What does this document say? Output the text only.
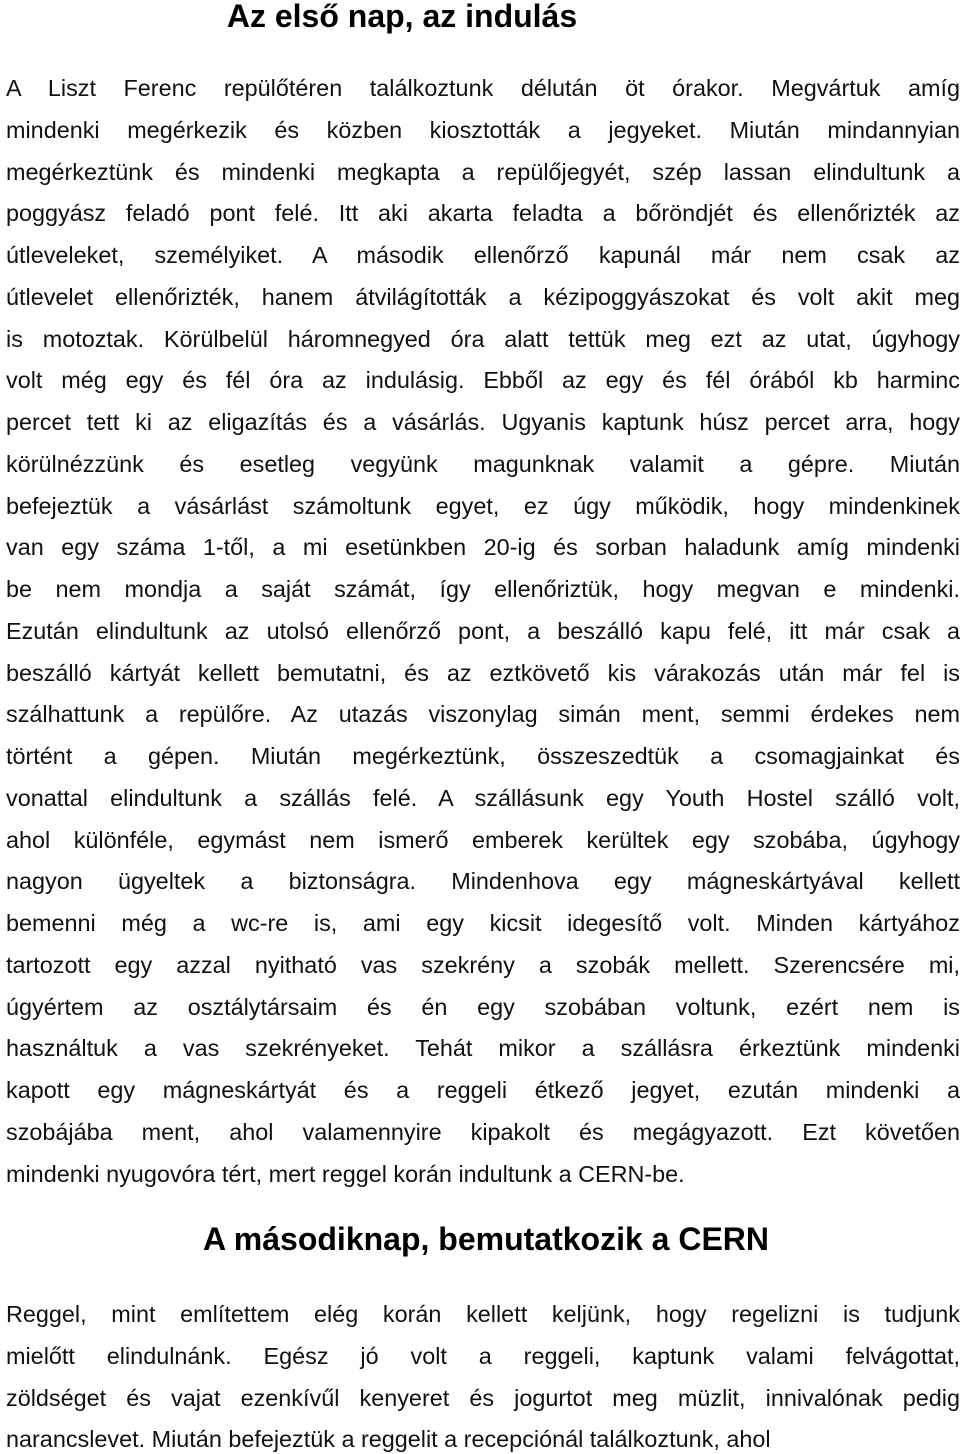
Az első nap, az indulás
A Liszt Ferenc repülőtéren találkoztunk délután öt órakor. Megvártuk amíg
mindenki megérkezik és közben kiosztották a jegyeket. Miután mindannyian
megérkeztünk és mindenki megkapta a repülőjegyét, szép lassan elindultunk a
poggyász feladó pont felé. Itt aki akarta feladta a bőröndjét és ellenőrizték az
útleveleket, személyiket. A második ellenőrző kapunál már nem csak az
útlevelet ellenőrizték, hanem átvilágították a kézipoggyászokat és volt akit meg
is motoztak. Körülbelül háromnegyed óra alatt tettük meg ezt az utat, úgyhogy
volt még egy és fél óra az indulásig. Ebből az egy és fél órából kb harminc
percet tett ki az eligazítás és a vásárlás. Ugyanis kaptunk húsz percet arra, hogy
körülnézzünk és esetleg vegyünk magunknak valamit a gépre. Miután
befejeztük a vásárlást számoltunk egyet, ez úgy működik, hogy mindenkinek
van egy száma 1-től, a mi esetünkben 20-ig és sorban haladunk amíg mindenki
be nem mondja a saját számát, így ellenőriztük, hogy megvan e mindenki.
Ezután elindultunk az utolsó ellenőrző pont, a beszálló kapu felé, itt már csak a
beszálló kártyát kellett bemutatni, és az eztkövető kis várakozás után már fel is
szálhattunk a repülőre. Az utazás viszonylag simán ment, semmi érdekes nem
történt a gépen. Miután megérkeztünk, összeszedtük a csomagjainkat és
vonattal elindultunk a szállás felé. A szállásunk egy Youth Hostel szálló volt,
ahol különféle, egymást nem ismerő emberek kerültek egy szobába, úgyhogy
nagyon ügyeltek a biztonságra. Mindenhova egy mágneskártyával kellett
bemenni még a wc-re is, ami egy kicsit idegesítő volt. Minden kártyához
tartozott egy azzal nyitható vas szekrény a szobák mellett. Szerencsére mi,
úgyértem az osztálytársaim és én egy szobában voltunk, ezért nem is
használtuk a vas szekrényeket. Tehát mikor a szállásra érkeztünk mindenki
kapott egy mágneskártyát és a reggeli étkező jegyet, ezután mindenki a
szobájába ment, ahol valamennyire kipakolt és megágyazott. Ezt követően
mindenki nyugovóra tért, mert reggel korán indultunk a CERN-be.
A másodiknap, bemutatkozik a CERN
Reggel, mint említettem elég korán kellett keljünk, hogy regelizni is tudjunk
mielőtt elindulnánk. Egész jó volt a reggeli, kaptunk valami felvágottat,
zöldséget és vajat ezenkívűl kenyeret és jogurtot meg müzlit, innivalónak pedig
narancslevet. Miután befejeztük a reggelit a recepciónál találkoztunk, ahol
